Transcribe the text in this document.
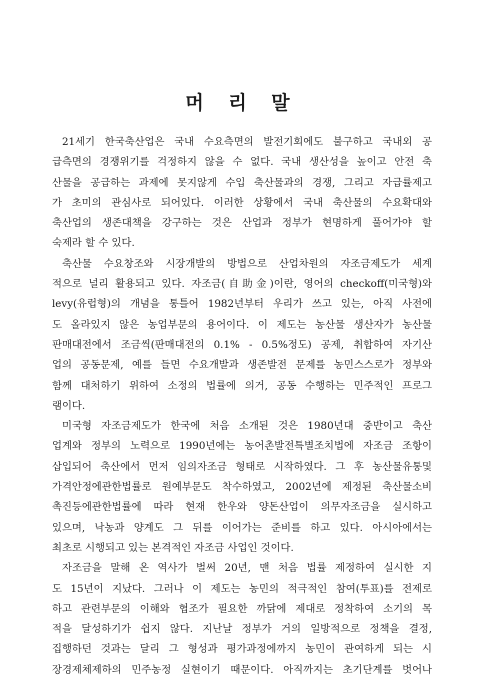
머 리 말
21세기 한국축산업은 국내 수요측면의 발전기회에도 불구하고 국내외 공
급측면의 경쟁위기를 걱정하지 않을 수 없다. 국내 생산성을 높이고 안전 축
산물을 공급하는 과제에 못지않게 수입 축산물과의 경쟁, 그리고 자급률제고
가 초미의 관심사로 되어있다. 이러한 상황에서 국내 축산물의 수요확대와
축산업의 생존대책을 강구하는 것은 산업과 정부가 현명하게 풀어가야 할
숙제라 할 수 있다.
축산물 수요창조와 시장개발의 방법으로 산업차원의 자조금제도가 세계
적으로 널리 활용되고 있다. 자조금(自助金)이란, 영어의 checkoff(미국형)와
levy(유럽형)의 개념을 통틀어 1982년부터 우리가 쓰고 있는, 아직 사전에
도 올라있지 않은 농업부문의 용어이다. 이 제도는 농산물 생산자가 농산물
판매대전에서 조금씩(판매대전의 0.1% - 0.5%정도) 공제, 취합하여 자기산
업의 공동문제, 예를 들면 수요개발과 생존발전 문제를 농민스스로가 정부와
함께 대처하기 위하여 소정의 법률에 의거, 공동 수행하는 민주적인 프로그
램이다.
미국형 자조금제도가 한국에 처음 소개된 것은 1980년대 중반이고 축산
업계와 정부의 노력으로 1990년에는 농어촌발전특별조치법에 자조금 조항이
삽입되어 축산에서 먼저 임의자조금 형태로 시작하였다. 그 후 농산물유통및
가격안정에관한법률로 원예부문도 착수하였고, 2002년에 제정된 축산물소비
촉진등에관한법률에 따라 현재 한우와 양돈산업이 의무자조금을 실시하고
있으며, 낙농과 양계도 그 뒤를 이어가는 준비를 하고 있다. 아시아에서는
최초로 시행되고 있는 본격적인 자조금 사업인 것이다.
자조금을 말해 온 역사가 벌써 20년, 맨 처음 법률 제정하여 실시한 지
도 15년이 지났다. 그러나 이 제도는 농민의 적극적인 참여(투표)를 전제로
하고 관련부문의 이해와 협조가 필요한 까닭에 제대로 정착하여 소기의 목
적을 달성하기가 쉽지 않다. 지난날 정부가 거의 일방적으로 정책을 결정,
집행하던 것과는 달리 그 형성과 평가과정에까지 농민이 관여하게 되는 시
장경제체제하의 민주농정 실현이기 때문이다. 아직까지는 초기단계를 벗어나
